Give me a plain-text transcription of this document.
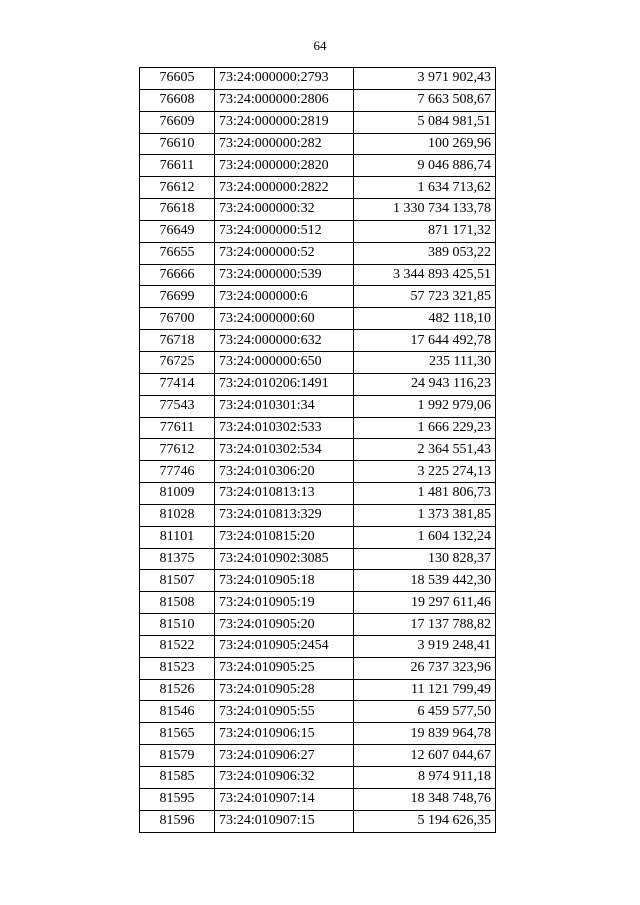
64
76605	73:24:000000:2793	3 971 902,43
76608	73:24:000000:2806	7 663 508,67
76609	73:24:000000:2819	5 084 981,51
76610	73:24:000000:282	100 269,96
76611	73:24:000000:2820	9 046 886,74
76612	73:24:000000:2822	1 634 713,62
76618	73:24:000000:32	1 330 734 133,78
76649	73:24:000000:512	871 171,32
76655	73:24:000000:52	389 053,22
76666	73:24:000000:539	3 344 893 425,51
76699	73:24:000000:6	57 723 321,85
76700	73:24:000000:60	482 118,10
76718	73:24:000000:632	17 644 492,78
76725	73:24:000000:650	235 111,30
77414	73:24:010206:1491	24 943 116,23
77543	73:24:010301:34	1 992 979,06
77611	73:24:010302:533	1 666 229,23
77612	73:24:010302:534	2 364 551,43
77746	73:24:010306:20	3 225 274,13
81009	73:24:010813:13	1 481 806,73
81028	73:24:010813:329	1 373 381,85
81101	73:24:010815:20	1 604 132,24
81375	73:24:010902:3085	130 828,37
81507	73:24:010905:18	18 539 442,30
81508	73:24:010905:19	19 297 611,46
81510	73:24:010905:20	17 137 788,82
81522	73:24:010905:2454	3 919 248,41
81523	73:24:010905:25	26 737 323,96
81526	73:24:010905:28	11 121 799,49
81546	73:24:010905:55	6 459 577,50
81565	73:24:010906:15	19 839 964,78
81579	73:24:010906:27	12 607 044,67
81585	73:24:010906:32	8 974 911,18
81595	73:24:010907:14	18 348 748,76
81596	73:24:010907:15	5 194 626,35
